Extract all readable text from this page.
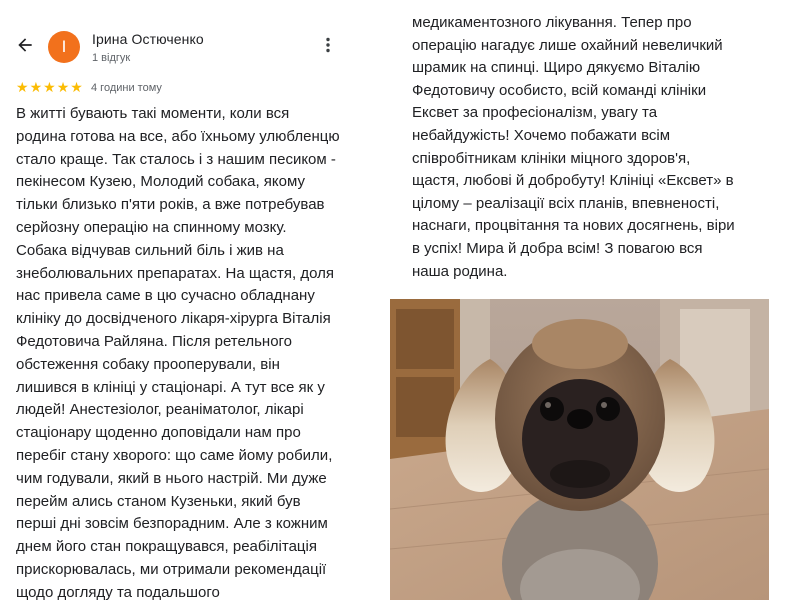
І Ірина Остюченко
1 відгук
★ ★ ★ ★ ★ 4 години тому
В житті бувають такі моменти, коли вся
родина готова на все, або їхньому улюбленцю
стало краще. Так сталось і з нашим песиком -
пекінесом Кузею, Молодий собака, якому
тільки близько п'яти років, а вже потребував
серйозну операцію на спинному мозку.
Собака відчував сильний біль і жив на
знеболювальних препаратах. На щастя, доля
нас привела саме в цю сучасно обладнану
клініку до досвідченого лікаря-хірурга Віталія
Федотовича Райляна. Після ретельного
обстеження собаку прооперували, він
лишився в клініці у стаціонарі. А тут все як у
людей! Анестезіолог, реаніматолог, лікарі
стаціонару щоденно доповідали нам про
перебіг стану хворого: що саме йому робили,
чим годували, який в нього настрій. Ми дуже
перейм ались станом Кузеньки, який був
перші дні зовсім безпорадним. Але з кожним
днем його стан покращувався, реабілітація
прискорювалась, ми отримали рекомендації
щодо догляду та подальшого
медикаментозного лікування. Тепер про
операцію нагадує лише охайний невеличкий
шрамик на спинці. Щиро дякуємо Віталію
Федотовичу особисто, всій команді клініки
Ексвет за професіоналізм, увагу та
небайдужість! Хочемо побажати всім
співробітникам клініки міцного здоров'я,
щастя, любові й добробуту! Клініці «Ексвет» в
цілому – реалізації всіх планів, впевненості,
наснаги, процвітання та нових досягнень, віри
в успіх! Мира й добра всім! З повагою вся
наша родина.
